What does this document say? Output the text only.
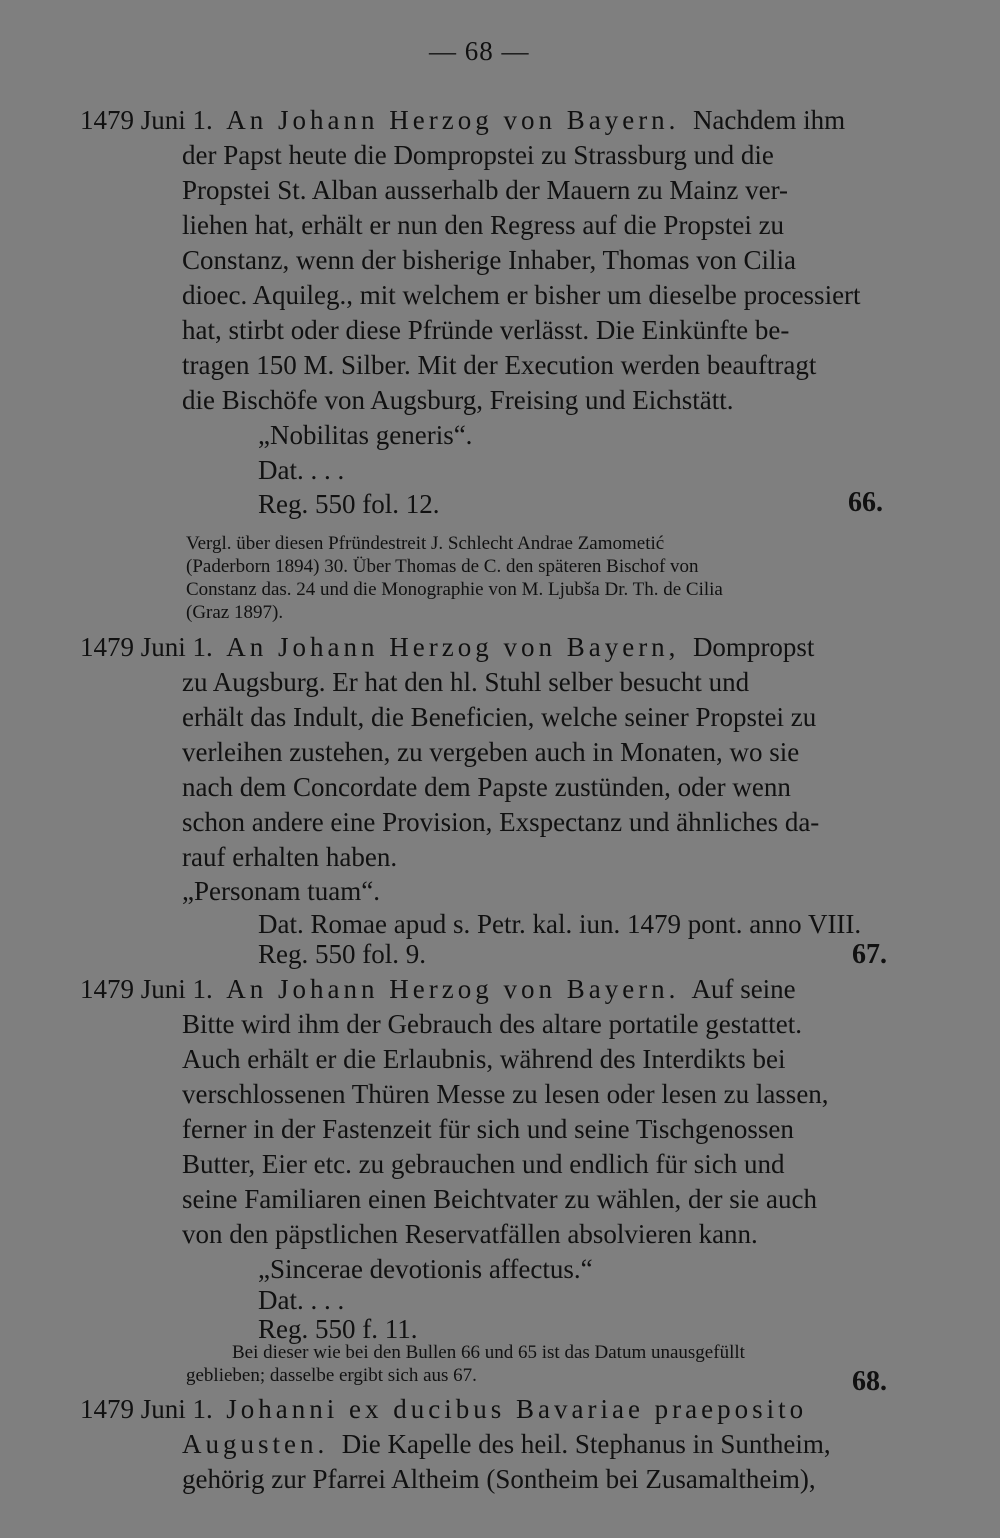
— 68 —
1479 Juni 1. An Johann Herzog von Bayern. Nachdem ihm
der Papst heute die Dompropstei zu Strassburg und die
Propstei St. Alban ausserhalb der Mauern zu Mainz ver-
liehen hat, erhält er nun den Regress auf die Propstei zu
Constanz, wenn der bisherige Inhaber, Thomas von Cilia
dioec. Aquileg., mit welchem er bisher um dieselbe processiert
hat, stirbt oder diese Pfründe verlässt. Die Einkünfte be-
tragen 150 M. Silber. Mit der Execution werden beauftragt
die Bischöfe von Augsburg, Freising und Eichstätt.
„Nobilitas generis“.
Dat. . . .
Reg. 550 fol. 12.	66.
Vergl. über diesen Pfründestreit J. Schlecht Andrae Zamometić
(Paderborn 1894) 30. Über Thomas de C. den späteren Bischof von
Constanz das. 24 und die Monographie von M. Ljubša Dr. Th. de Cilia
(Graz 1897).
1479 Juni 1. An Johann Herzog von Bayern, Dompropst
zu Augsburg. Er hat den hl. Stuhl selber besucht und
erhält das Indult, die Beneficien, welche seiner Propstei zu
verleihen zustehen, zu vergeben auch in Monaten, wo sie
nach dem Concordate dem Papste zustünden, oder wenn
schon andere eine Provision, Exspectanz und ähnliches da-
rauf erhalten haben.
„Personam tuam“.
Dat. Romae apud s. Petr. kal. iun. 1479 pont. anno VIII.
Reg. 550 fol. 9.	67.
1479 Juni 1. An Johann Herzog von Bayern. Auf seine
Bitte wird ihm der Gebrauch des altare portatile gestattet.
Auch erhält er die Erlaubnis, während des Interdikts bei
verschlossenen Thüren Messe zu lesen oder lesen zu lassen,
ferner in der Fastenzeit für sich und seine Tischgenossen
Butter, Eier etc. zu gebrauchen und endlich für sich und
seine Familiaren einen Beichtvater zu wählen, der sie auch
von den päpstlichen Reservatfällen absolvieren kann.
„Sincerae devotionis affectus.“
Dat. . . .
Reg. 550 f. 11.
Bei dieser wie bei den Bullen 66 und 65 ist das Datum unausgefüllt
geblieben; dasselbe ergibt sich aus 67.	68.
1479 Juni 1. Johanni ex ducibus Bavariae praeposito
Augusten. Die Kapelle des heil. Stephanus in Suntheim,
gehörig zur Pfarrei Altheim (Sontheim bei Zusamaltheim),
